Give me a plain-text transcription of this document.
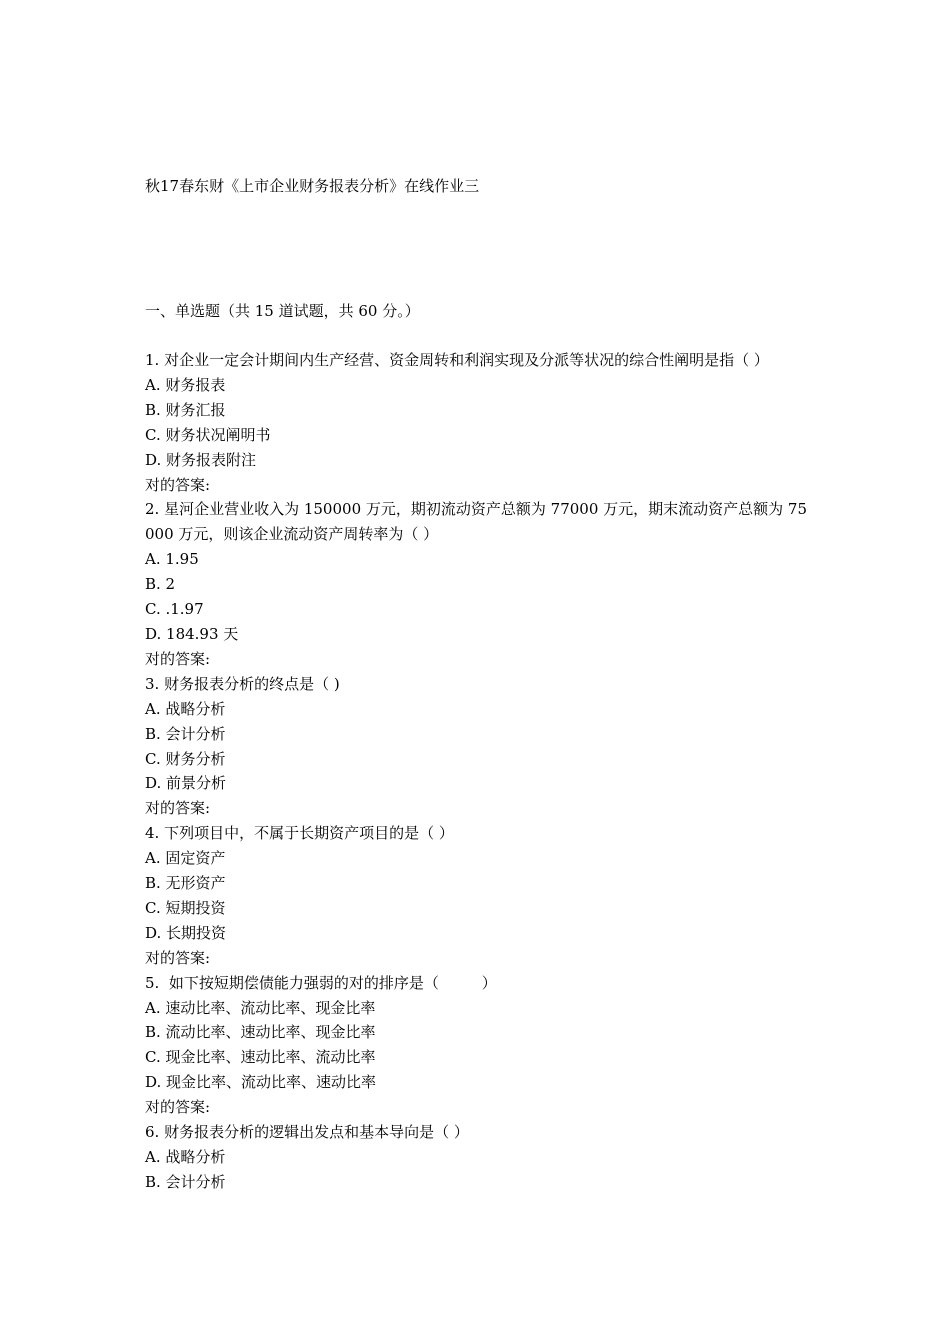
秋17春东财《上市企业财务报表分析》在线作业三
一、单选题（共 15 道试题，共 60 分。）
1. 对企业一定会计期间内生产经营、资金周转和利润实现及分派等状况的综合性阐明是指（ ）
A. 财务报表
B. 财务汇报
C. 财务状况阐明书
D. 财务报表附注
对的答案:
2. 星河企业营业收入为 150000 万元，期初流动资产总额为 77000 万元，期末流动资产总额为 75000 万元，则该企业流动资产周转率为（ ）
A. 1.95
B. 2
C. .1.97
D. 184.93 天
对的答案:
3. 财务报表分析的终点是（ )
A. 战略分析
B. 会计分析
C. 财务分析
D. 前景分析
对的答案:
4. 下列项目中，不属于长期资产项目的是（ ）
A. 固定资产
B. 无形资产
C. 短期投资
D. 长期投资
对的答案:
5.  如下按短期偿债能力强弱的对的排序是（         ）
A. 速动比率、流动比率、现金比率
B. 流动比率、速动比率、现金比率
C. 现金比率、速动比率、流动比率
D. 现金比率、流动比率、速动比率
对的答案:
6. 财务报表分析的逻辑出发点和基本导向是（ ）
A. 战略分析
B. 会计分析
